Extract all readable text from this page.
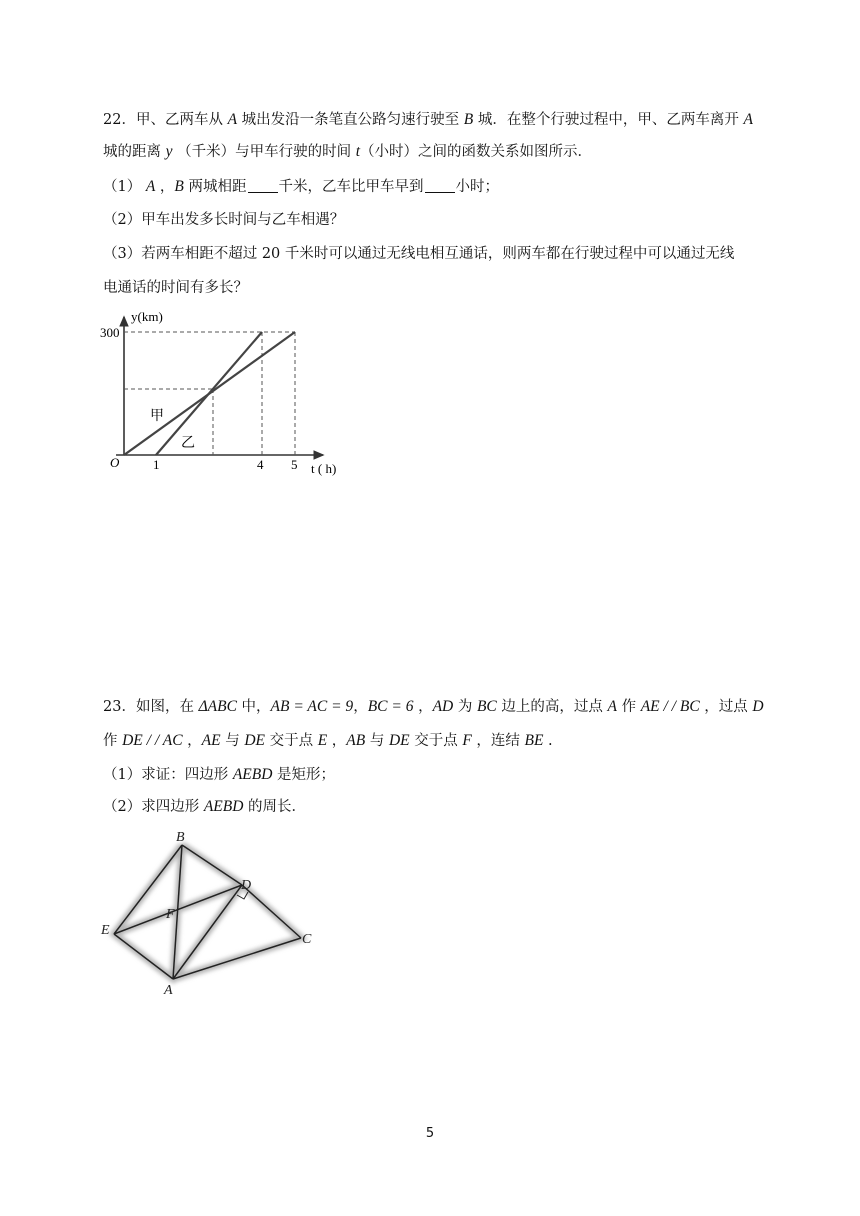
22．甲、乙两车从 A 城出发沿一条笔直公路匀速行驶至 B 城．在整个行驶过程中，甲、乙两车离开 A
城的距离 y （千米）与甲车行驶的时间 t（小时）之间的函数关系如图所示．
（1） A ，B 两城相距 千米，乙车比甲车早到 小时；
（2）甲车出发多长时间与乙车相遇？
（3）若两车相距不超过 20 千米时可以通过无线电相互通话，则两车都在行驶过程中可以通过无线
电通话的时间有多长？
y(km)
t ( h)
O
300
1	4 5
甲
乙
23．如图，在 ΔABC 中，AB = AC = 9，BC = 6 ，AD 为 BC 边上的高，过点 A 作 AE / / BC ，过点 D
作 DE / / AC ，AE 与 DE 交于点 E ，AB 与 DE 交于点 F ，连结 BE .
（1）求证：四边形 AEBD 是矩形；
（2）求四边形 AEBD 的周长．
B
D
F
E
C
A
5
